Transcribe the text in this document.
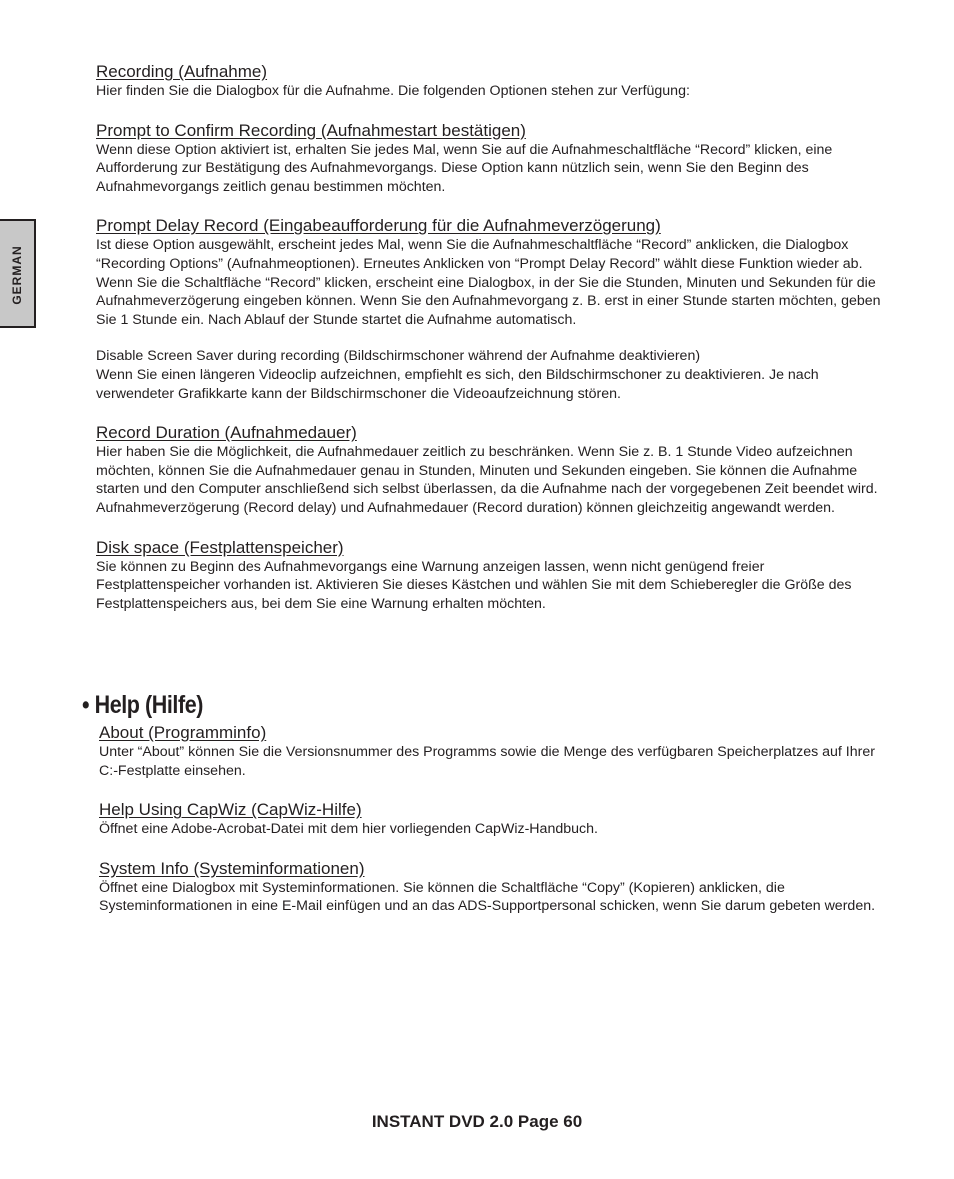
GERMAN

Recording (Aufnahme)

Hier finden Sie die Dialogbox für die Aufnahme. Die folgenden Optionen stehen zur Verfügung:

Prompt to Confirm Recording (Aufnahmestart bestätigen)

Wenn diese Option aktiviert ist, erhalten Sie jedes Mal, wenn Sie auf die Aufnahmeschaltfläche “Record” klicken, eine Aufforderung zur Bestätigung des Aufnahmevorgangs. Diese Option kann nützlich sein, wenn Sie den Beginn des Aufnahmevorgangs zeitlich genau bestimmen möchten.

Prompt Delay Record (Eingabeaufforderung für die Aufnahmeverzögerung)

Ist diese Option ausgewählt, erscheint jedes Mal, wenn Sie die Aufnahmeschaltfläche “Record” anklicken, die Dialogbox “Recording Options” (Aufnahmeoptionen). Erneutes Anklicken von “Prompt Delay Record” wählt diese Funktion wieder ab.

Wenn Sie die Schaltfläche “Record” klicken, erscheint eine Dialogbox, in der Sie die Stunden, Minuten und Sekunden für die Aufnahmeverzögerung eingeben können. Wenn Sie den Aufnahmevorgang z. B. erst in einer Stunde starten möchten, geben Sie 1 Stunde ein. Nach Ablauf der Stunde startet die Aufnahme automatisch.

Disable Screen Saver during recording (Bildschirmschoner während der Aufnahme deaktivieren)

Wenn Sie einen längeren Videoclip aufzeichnen, empfiehlt es sich, den Bildschirmschoner zu deaktivieren. Je nach verwendeter Grafikkarte kann der Bildschirmschoner die Videoaufzeichnung stören.

Record Duration (Aufnahmedauer)

Hier haben Sie die Möglichkeit, die Aufnahmedauer zeitlich zu beschränken. Wenn Sie z. B. 1 Stunde Video aufzeichnen möchten, können Sie die Aufnahmedauer genau in Stunden, Minuten und Sekunden eingeben. Sie können die Aufnahme starten und den Computer anschließend sich selbst überlassen, da die Aufnahme nach der vorgegebenen Zeit beendet wird. Aufnahmeverzögerung (Record delay) und Aufnahmedauer (Record duration) können gleichzeitig angewandt werden.

Disk space (Festplattenspeicher)

Sie können zu Beginn des Aufnahmevorgangs eine Warnung anzeigen lassen, wenn nicht genügend freier Festplattenspeicher vorhanden ist. Aktivieren Sie dieses Kästchen und wählen Sie mit dem Schieberegler die Größe des Festplattenspeichers aus, bei dem Sie eine Warnung erhalten möchten.

• Help (Hilfe)

About (Programminfo)

Unter “About” können Sie die Versionsnummer des Programms sowie die Menge des verfügbaren Speicherplatzes auf Ihrer C:-Festplatte einsehen.

Help Using CapWiz (CapWiz-Hilfe)

Öffnet eine Adobe-Acrobat-Datei mit dem hier vorliegenden CapWiz-Handbuch.

System Info (Systeminformationen)

Öffnet eine Dialogbox mit Systeminformationen. Sie können die Schaltfläche “Copy” (Kopieren) anklicken, die Systeminformationen in eine E-Mail einfügen und an das ADS-Supportpersonal schicken, wenn Sie darum gebeten werden.

INSTANT DVD 2.0 Page 60
